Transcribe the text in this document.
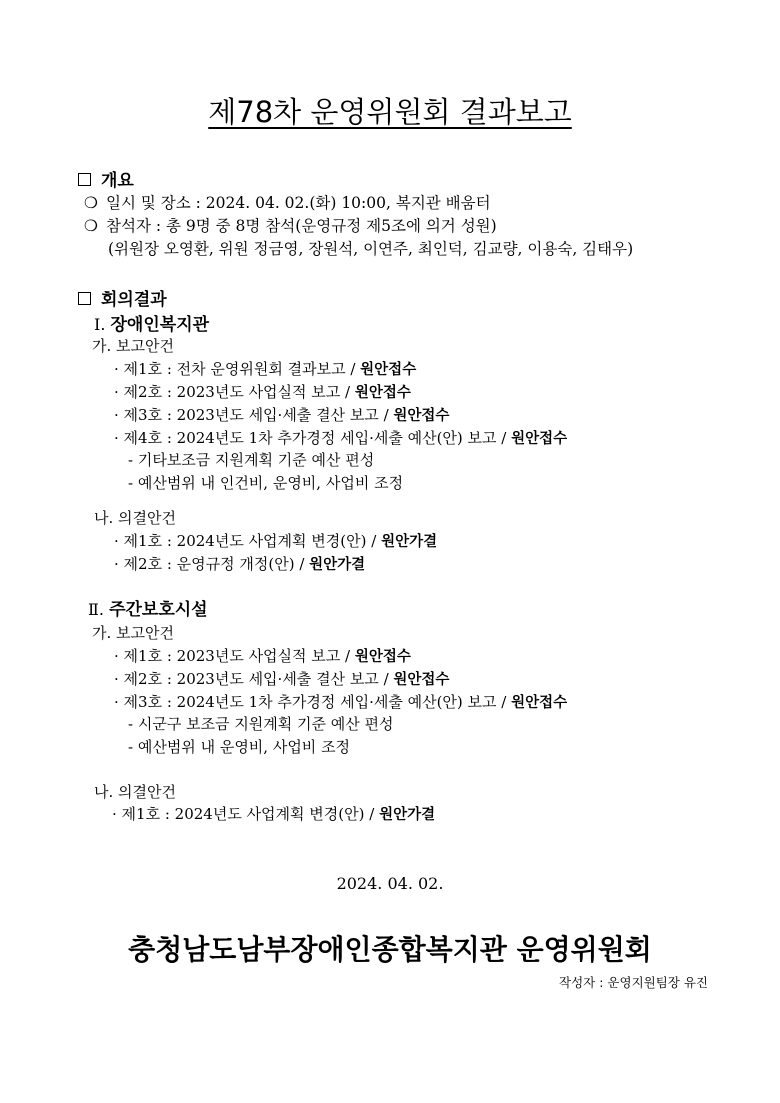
제78차 운영위원회 결과보고
개요
❍ 일시 및 장소 : 2024. 04. 02.(화) 10:00, 복지관 배움터
❍ 참석자 : 총 9명 중 8명 참석(운영규정 제5조에 의거 성원)
(위원장 오영환, 위원 정금영, 장원석, 이연주, 최인덕, 김교량, 이용숙, 김태우)
회의결과
Ⅰ. 장애인복지관
가. 보고안건
· 제1호 : 전차 운영위원회 결과보고 / 원안접수
· 제2호 : 2023년도 사업실적 보고 / 원안접수
· 제3호 : 2023년도 세입·세출 결산 보고 / 원안접수
· 제4호 : 2024년도 1차 추가경정 세입·세출 예산(안) 보고 / 원안접수
- 기타보조금 지원계획 기준 예산 편성
- 예산범위 내 인건비, 운영비, 사업비 조정
나. 의결안건
· 제1호 : 2024년도 사업계획 변경(안) / 원안가결
· 제2호 : 운영규정 개정(안) / 원안가결
Ⅱ. 주간보호시설
가. 보고안건
· 제1호 : 2023년도 사업실적 보고 / 원안접수
· 제2호 : 2023년도 세입·세출 결산 보고 / 원안접수
· 제3호 : 2024년도 1차 추가경정 세입·세출 예산(안) 보고 / 원안접수
- 시군구 보조금 지원계획 기준 예산 편성
- 예산범위 내 운영비, 사업비 조정
나. 의결안건
· 제1호 : 2024년도 사업계획 변경(안) / 원안가결
2024. 04. 02.
충청남도남부장애인종합복지관 운영위원회
작성자 : 운영지원팀장 유진
